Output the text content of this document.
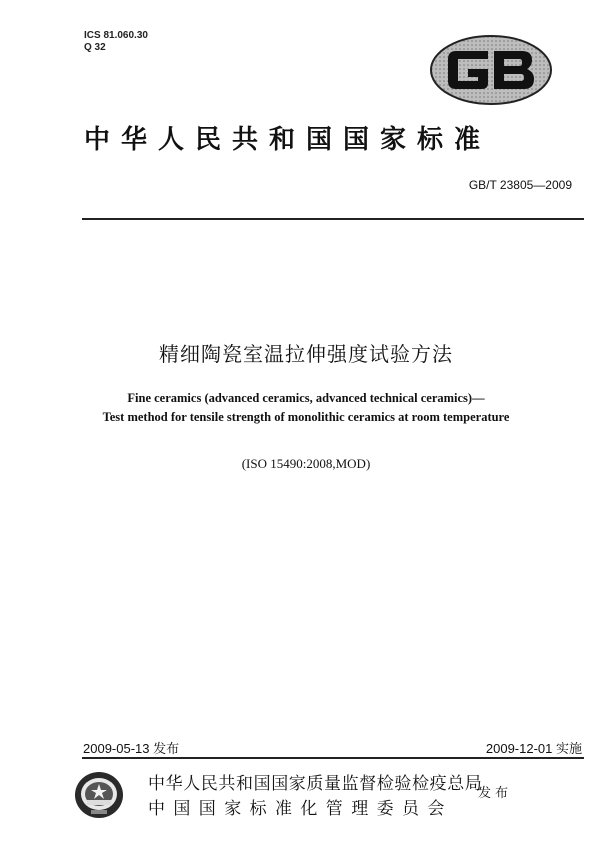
ICS 81.060.30
Q 32
中华人民共和国国家标准
GB/T 23805—2009
精细陶瓷室温拉伸强度试验方法
Fine ceramics (advanced ceramics, advanced technical ceramics)—
Test method for tensile strength of monolithic ceramics at room temperature
(ISO 15490:2008,MOD)
2009-05-13 发布	2009-12-01 实施
中华人民共和国国家质量监督检验检疫总局
中国国家标准化管理委员会
发布
